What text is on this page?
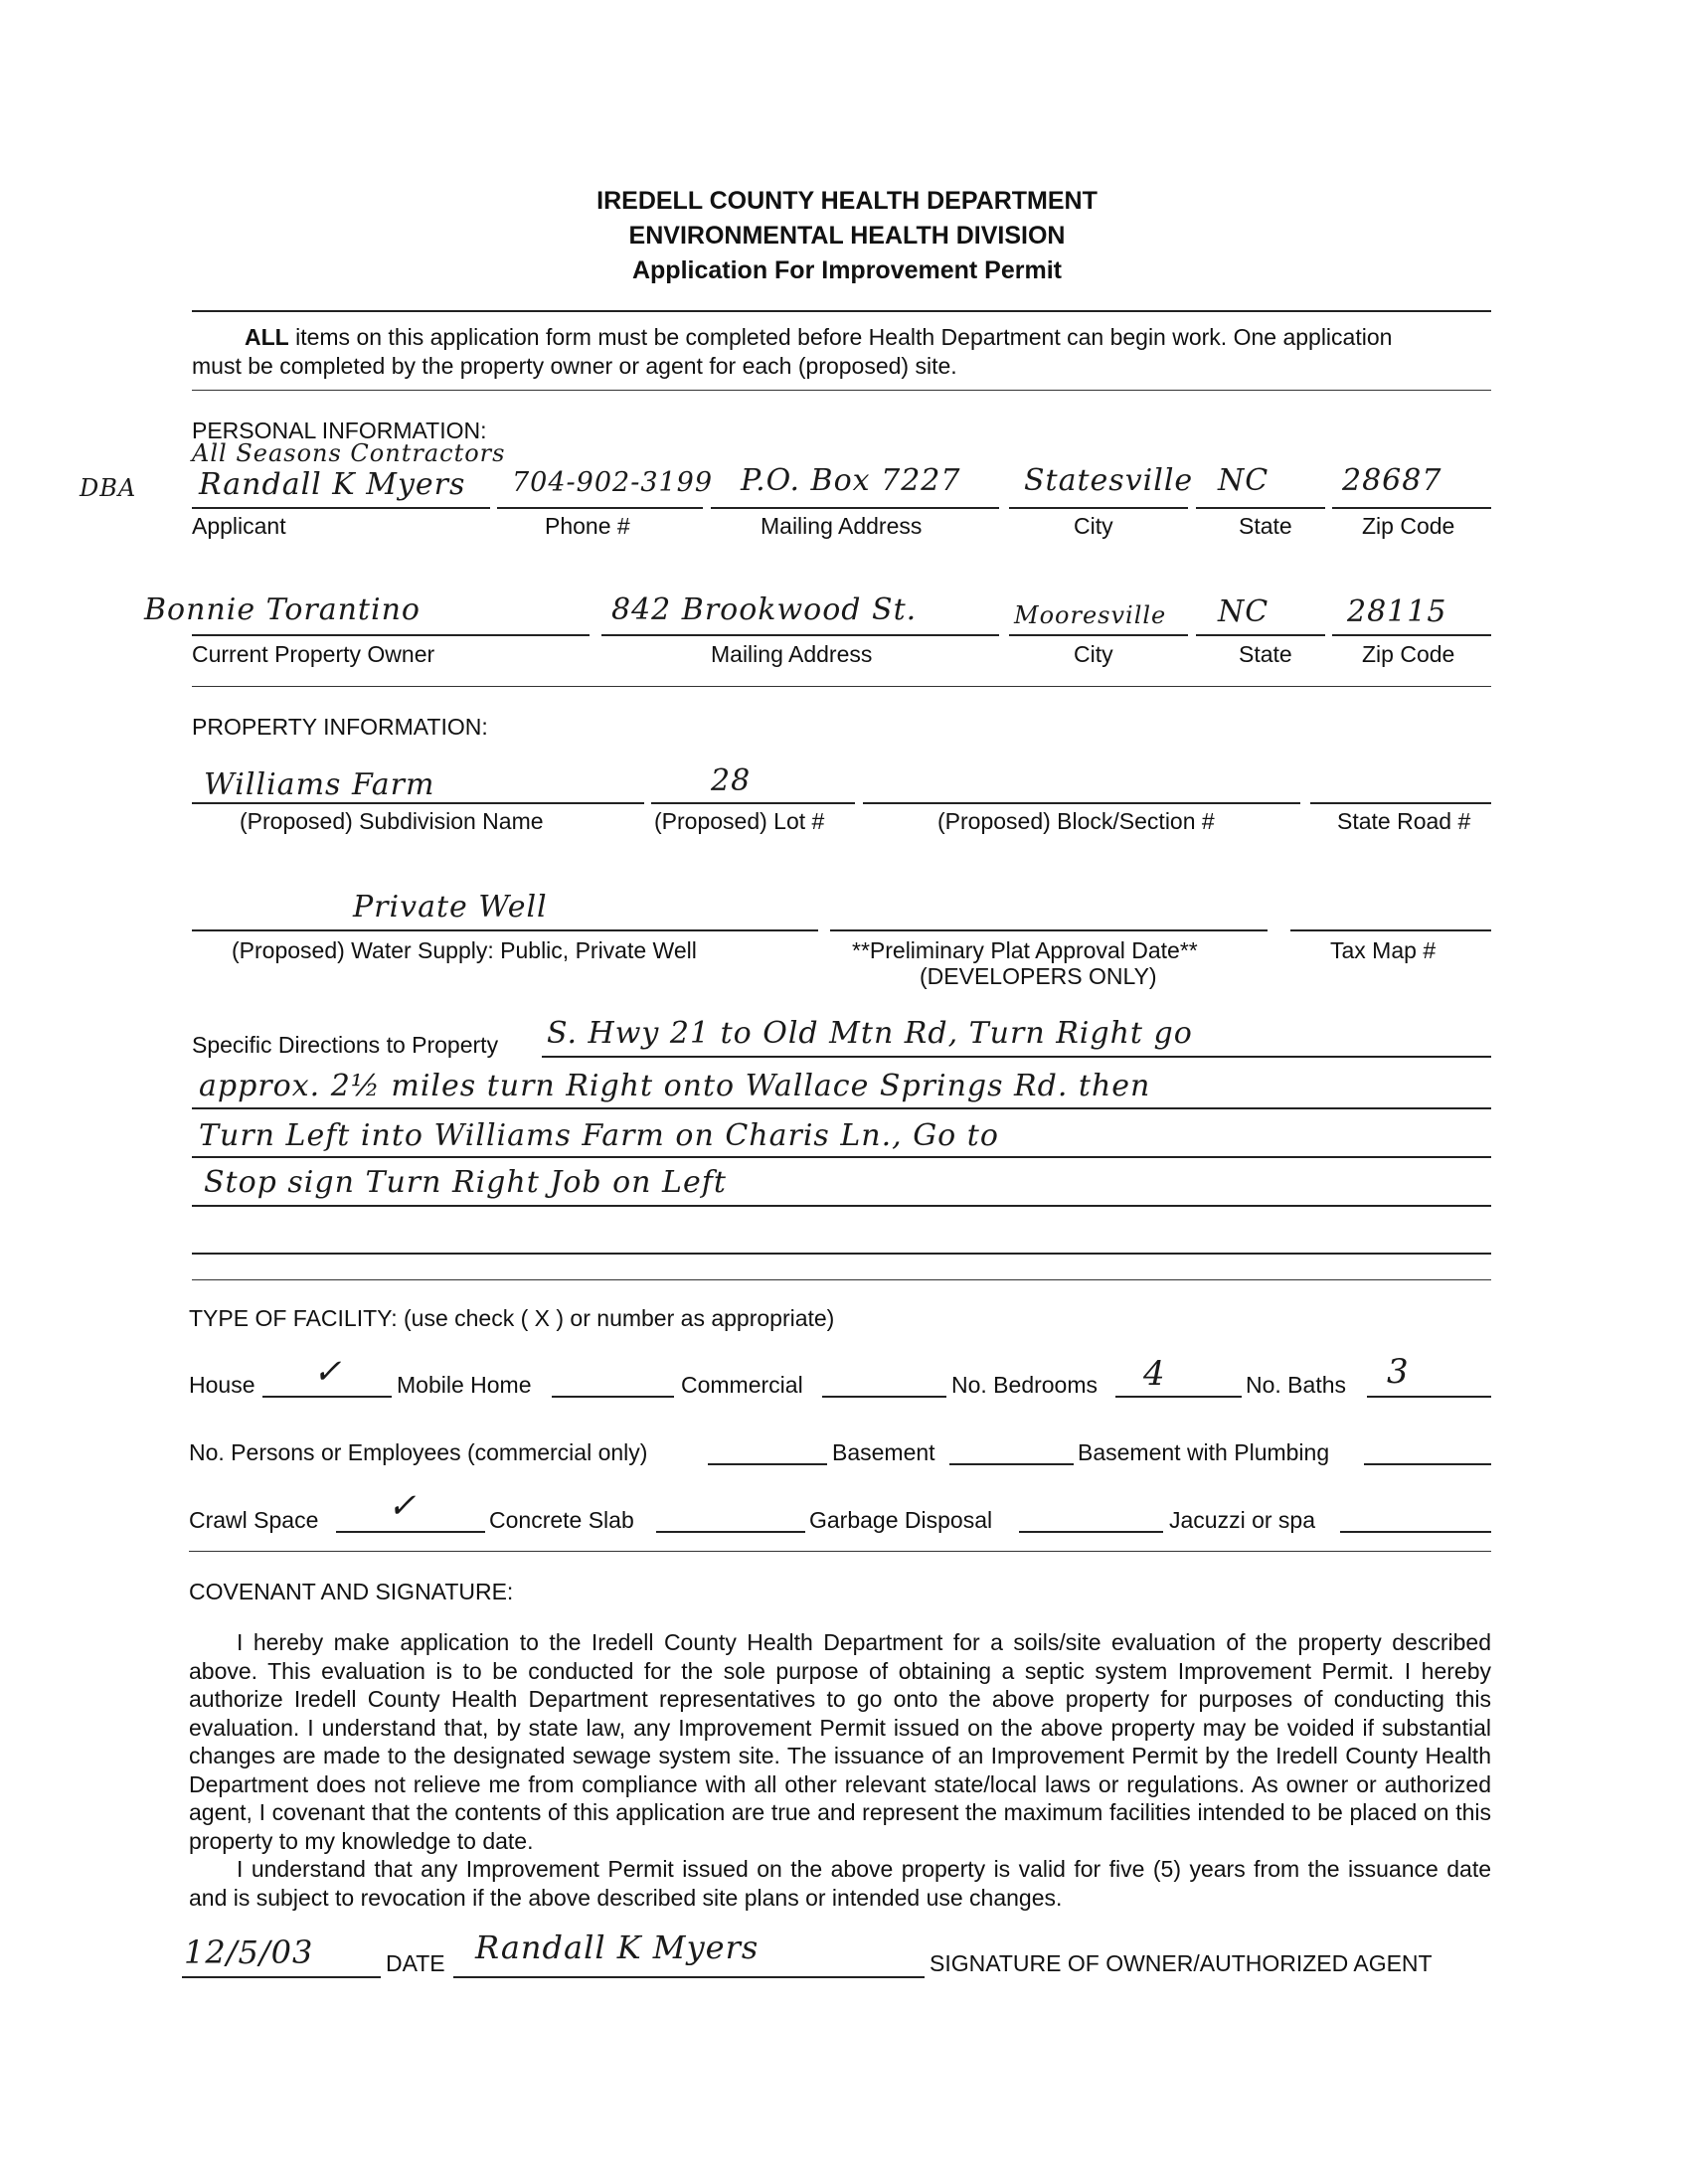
IREDELL COUNTY HEALTH DEPARTMENT
ENVIRONMENTAL HEALTH DIVISION
Application For Improvement Permit
ALL items on this application form must be completed before Health Department can begin work. One application
must be completed by the property owner or agent for each (proposed) site.
PERSONAL INFORMATION:
All Seasons Contractors
DBA Randall K Myers 704-902-3199 P.O. Box 7227 Statesville NC 28687
Applicant	Phone #	Mailing Address	City	State	Zip Code
Bonnie Torantino	842 Brookwood St.	Mooresville NC	28115
Current Property Owner	Mailing Address	City	State	Zip Code
PROPERTY INFORMATION:
Williams Farm	28
(Proposed) Subdivision Name	(Proposed) Lot #	(Proposed) Block/Section #	State Road #
Private Well
(Proposed) Water Supply: Public, Private Well	**Preliminary Plat Approval Date**
(DEVELOPERS ONLY)
Tax Map #
Specific Directions to Property S. Hwy 21 to Old Mtn Rd, Turn Right go
approx. 2½ miles turn Right onto Wallace Springs Rd. then
Turn Left into Williams Farm on Charis Ln., Go to
Stop sign Turn Right Job on Left
TYPE OF FACILITY: (use check ( X ) or number as appropriate)
House ✓ Mobile Home	Commercial	No. Bedrooms 4	No. Baths 3
No. Persons or Employees (commercial only)	Basement	Basement with Plumbing
Crawl Space ✓	Concrete Slab	Garbage Disposal	Jacuzzi or spa
COVENANT AND SIGNATURE:

I hereby make application to the Iredell County Health Department for a soils/site evaluation of the property described above. This evaluation is to be conducted for the sole purpose of obtaining a septic system Improvement Permit. I hereby authorize Iredell County Health Department representatives to go onto the above property for purposes of conducting this evaluation. I understand that, by state law, any Improvement Permit issued on the above property may be voided if substantial changes are made to the designated sewage system site. The issuance of an Improvement Permit by the Iredell County Health Department does not relieve me from compliance with all other relevant state/local laws or regulations. As owner or authorized agent, I covenant that the contents of this application are true and represent the maximum facilities intended to be placed on this property to my knowledge to date.

I understand that any Improvement Permit issued on the above property is valid for five (5) years from the issuance date and is subject to revocation if the above described site plans or intended use changes.

12/5/03	DATE Randall K Myers	SIGNATURE OF OWNER/AUTHORIZED AGENT
